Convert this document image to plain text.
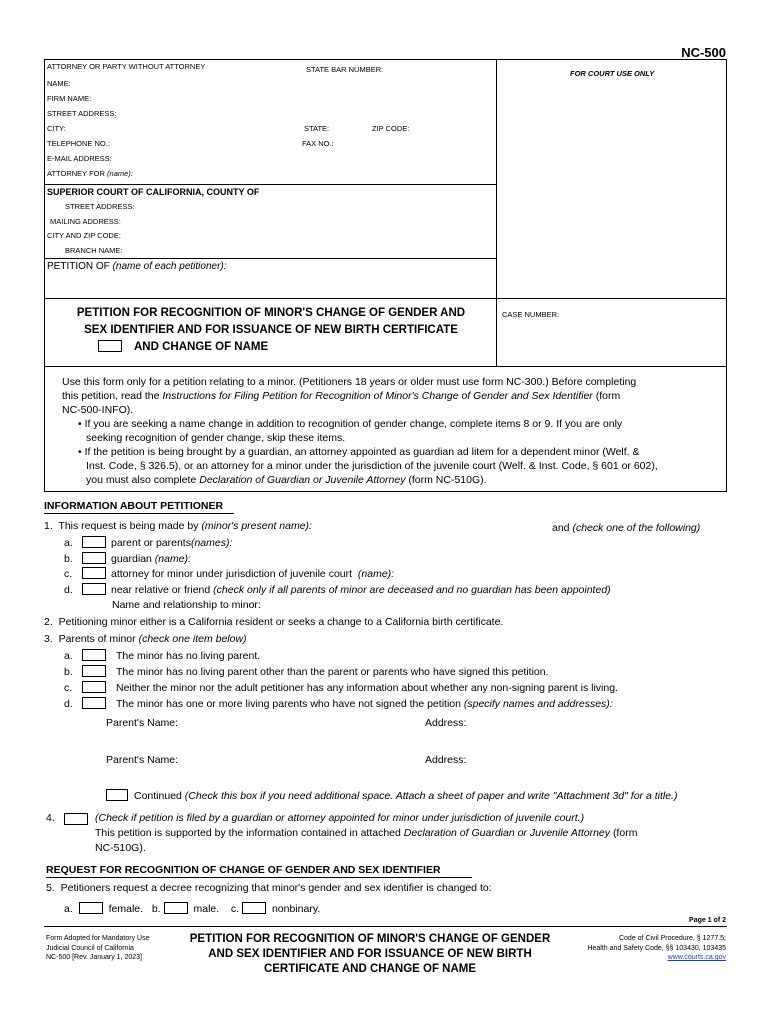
NC-500
ATTORNEY OR PARTY WITHOUT ATTORNEY	STATE BAR NUMBER:	FOR COURT USE ONLY
NAME:
FIRM NAME:
STREET ADDRESS:
CITY:	STATE:	ZIP CODE:
TELEPHONE NO.:	FAX NO.:
E-MAIL ADDRESS:
ATTORNEY FOR (name):
SUPERIOR COURT OF CALIFORNIA, COUNTY OF
STREET ADDRESS:
MAILING ADDRESS:
CITY AND ZIP CODE:
BRANCH NAME:
PETITION OF (name of each petitioner):
PETITION FOR RECOGNITION OF MINOR'S CHANGE OF GENDER AND
SEX IDENTIFIER AND FOR ISSUANCE OF NEW BIRTH CERTIFICATE
AND CHANGE OF NAME
CASE NUMBER:
Use this form only for a petition relating to a minor. (Petitioners 18 years or older must use form NC-300.) Before completing
this petition, read the Instructions for Filing Petition for Recognition of Minor's Change of Gender and Sex Identifier (form
NC-500-INFO).
• If you are seeking a name change in addition to recognition of gender change, complete items 8 or 9. If you are only
seeking recognition of gender change, skip these items.
• If the petition is being brought by a guardian, an attorney appointed as guardian ad litem for a dependent minor (Welf. &
Inst. Code, § 326.5), or an attorney for a minor under the jurisdiction of the juvenile court (Welf. & Inst. Code, § 601 or 602),
you must also complete Declaration of Guardian or Juvenile Attorney (form NC-510G).
INFORMATION ABOUT PETITIONER
1. This request is being made by (minor's present name):	and (check one of the following)
a.	parent or parents(names):
b.	guardian (name):
c.	attorney for minor under jurisdiction of juvenile court (name):
d.	near relative or friend (check only if all parents of minor are deceased and no guardian has been appointed)
Name and relationship to minor:
2. Petitioning minor either is a California resident or seeks a change to a California birth certificate.
3. Parents of minor (check one item below)
a.	The minor has no living parent.
b.	The minor has no living parent other than the parent or parents who have signed this petition.
c.	Neither the minor nor the adult petitioner has any information about whether any non-signing parent is living.
d.	The minor has one or more living parents who have not signed the petition (specify names and addresses):
Parent's Name:	Address:
Parent's Name:	Address:
Continued (Check this box if you need additional space. Attach a sheet of paper and write "Attachment 3d" for a title.)
4.	(Check if petition is filed by a guardian or attorney appointed for minor under jurisdiction of juvenile court.)
This petition is supported by the information contained in attached Declaration of Guardian or Juvenile Attorney (form
NC-510G).
REQUEST FOR RECOGNITION OF CHANGE OF GENDER AND SEX IDENTIFIER
5. Petitioners request a decree recognizing that minor's gender and sex identifier is changed to:
a.	female. b.	male. c.	nonbinary.
Page 1 of 2
Form Adopted for Mandatory Use
Judicial Council of California
NC-500 [Rev. January 1, 2023]
PETITION FOR RECOGNITION OF MINOR'S CHANGE OF GENDER
AND SEX IDENTIFIER AND FOR ISSUANCE OF NEW BIRTH
CERTIFICATE AND CHANGE OF NAME
Code of Civil Procedure, § 1277.5;
Health and Safety Code, §§ 103430, 103435
www.courts.ca.gov
